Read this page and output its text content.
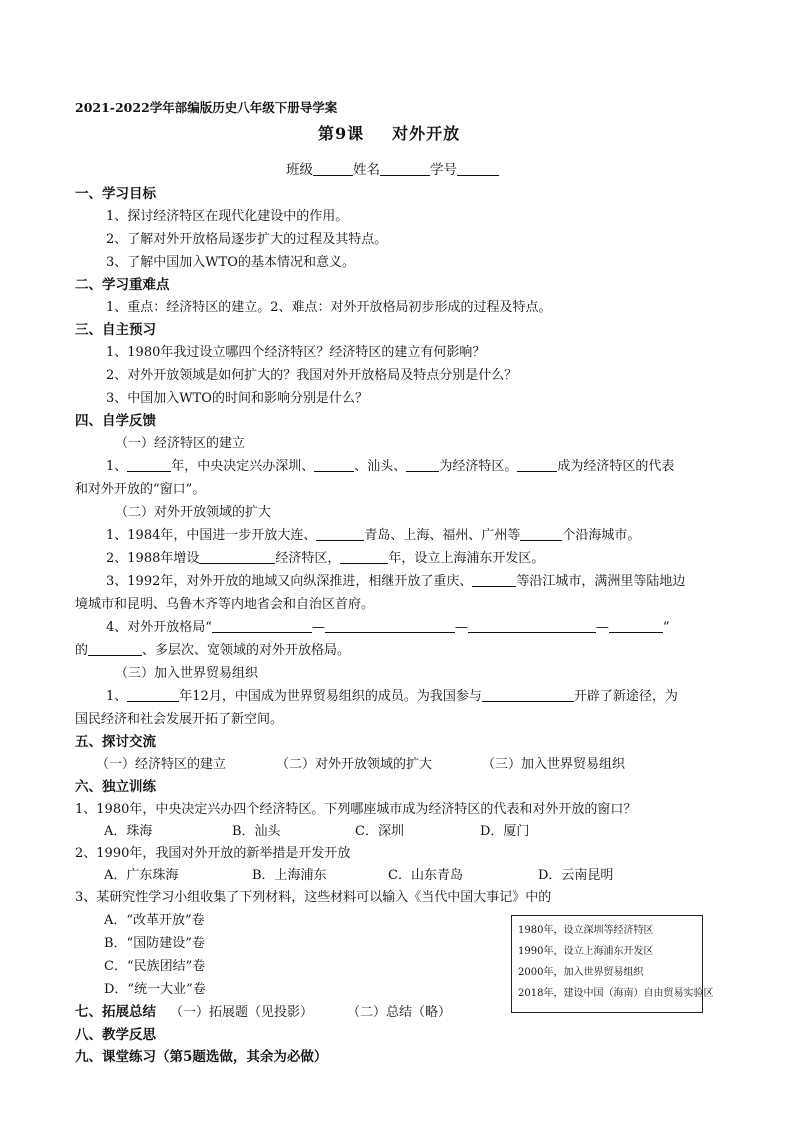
2021-2022学年部编版历史八年级下册导学案
第9课 对外开放
班级	姓名	学号
一、学习目标
1、探讨经济特区在现代化建设中的作用。
2、了解对外开放格局逐步扩大的过程及其特点。
3、了解中国加入WTO的基本情况和意义。
二、学习重难点
1、重点：经济特区的建立。2、难点：对外开放格局初步形成的过程及特点。
三、自主预习
1、1980年我过设立哪四个经济特区？经济特区的建立有何影响？
2、对外开放领域是如何扩大的？我国对外开放格局及特点分别是什么？
3、中国加入WTO的时间和影响分别是什么？
四、自学反馈
（一）经济特区的建立
1、	年，中央决定兴办深圳、	、汕头、	为经济特区。	成为经济特区的代表
和对外开放的“窗口”。
（二）对外开放领域的扩大
1、1984年，中国进一步开放大连、	青岛、上海、福州、广州等	个沿海城市。
2、1988年增设	经济特区，	年，设立上海浦东开发区。
3、1992年，对外开放的地域又向纵深推进，相继开放了重庆、	等沿江城市，满洲里等陆地边
境城市和昆明、乌鲁木齐等内地省会和自治区首府。
4、对外开放格局“	—	—	—	”
的	、多层次、宽领域的对外开放格局。
（三）加入世界贸易组织
1、	年12月，中国成为世界贸易组织的成员。为我国参与	开辟了新途径，为
国民经济和社会发展开拓了新空间。
五、探讨交流
（一）经济特区的建立	（二）对外开放领域的扩大	（三）加入世界贸易组织
六、独立训练
1、1980年，中央决定兴办四个经济特区。下列哪座城市成为经济特区的代表和对外开放的窗口？
A．珠海	B．汕头	C．深圳	D．厦门
2、1990年，我国对外开放的新举措是开发开放
A．广东珠海	B．上海浦东	C．山东青岛	D．云南昆明
3、某研究性学习小组收集了下列材料，这些材料可以输入《当代中国大事记》中的
A．“改革开放”卷
B．“国防建设”卷
C．“民族团结”卷
D．“统一大业”卷
1980年，设立深圳等经济特区
1990年，设立上海浦东开发区
2000年，加入世界贸易组织
2018年，建设中国（海南）自由贸易实验区
七、拓展总结 （一）拓展题（见投影）	（二）总结（略）
八、教学反思
九、课堂练习（第5题选做，其余为必做）
